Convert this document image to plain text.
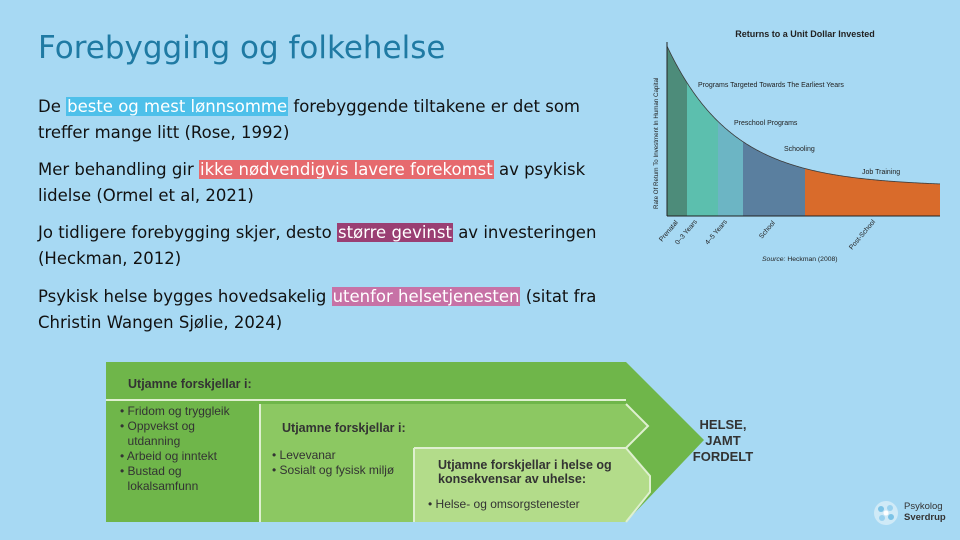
Forebygging og folkehelse

De beste og mest lønnsomme forebyggende tiltakene er det som treffer mange litt (Rose, 1992)

Mer behandling gir ikke nødvendigvis lavere forekomst av psykisk lidelse (Ormel et al, 2021)

Jo tidligere forebygging skjer, desto større gevinst av investeringen (Heckman, 2012)

Psykisk helse bygges hovedsakelig utenfor helsetjenesten (sitat fra Christin Wangen Sjølie, 2024)

Returns to a Unit Dollar Invested
Rate Of Return To Investment In Human Capital	Programs Targeted Towards The Earliest Years
Preschool Programs
Schooling
Job Training
Prenatal
0–3 Years 4–5 Years	School	Post-School
Source: Heckman (2008)
Utjamne forskjellar i:
• Fridom og tryggleik
• Oppvekst og utdanning
• Arbeid og inntekt
• Bustad og lokalsamfunn
Utjamne forskjellar i:
• Levevanar
• Sosialt og fysisk miljø	Utjamne forskjellar i helse og konsekvensar av uhelse:
• Helse- og omsorgstenester
HELSE, JAMT FORDELT
Psykolog
Sverdrup
